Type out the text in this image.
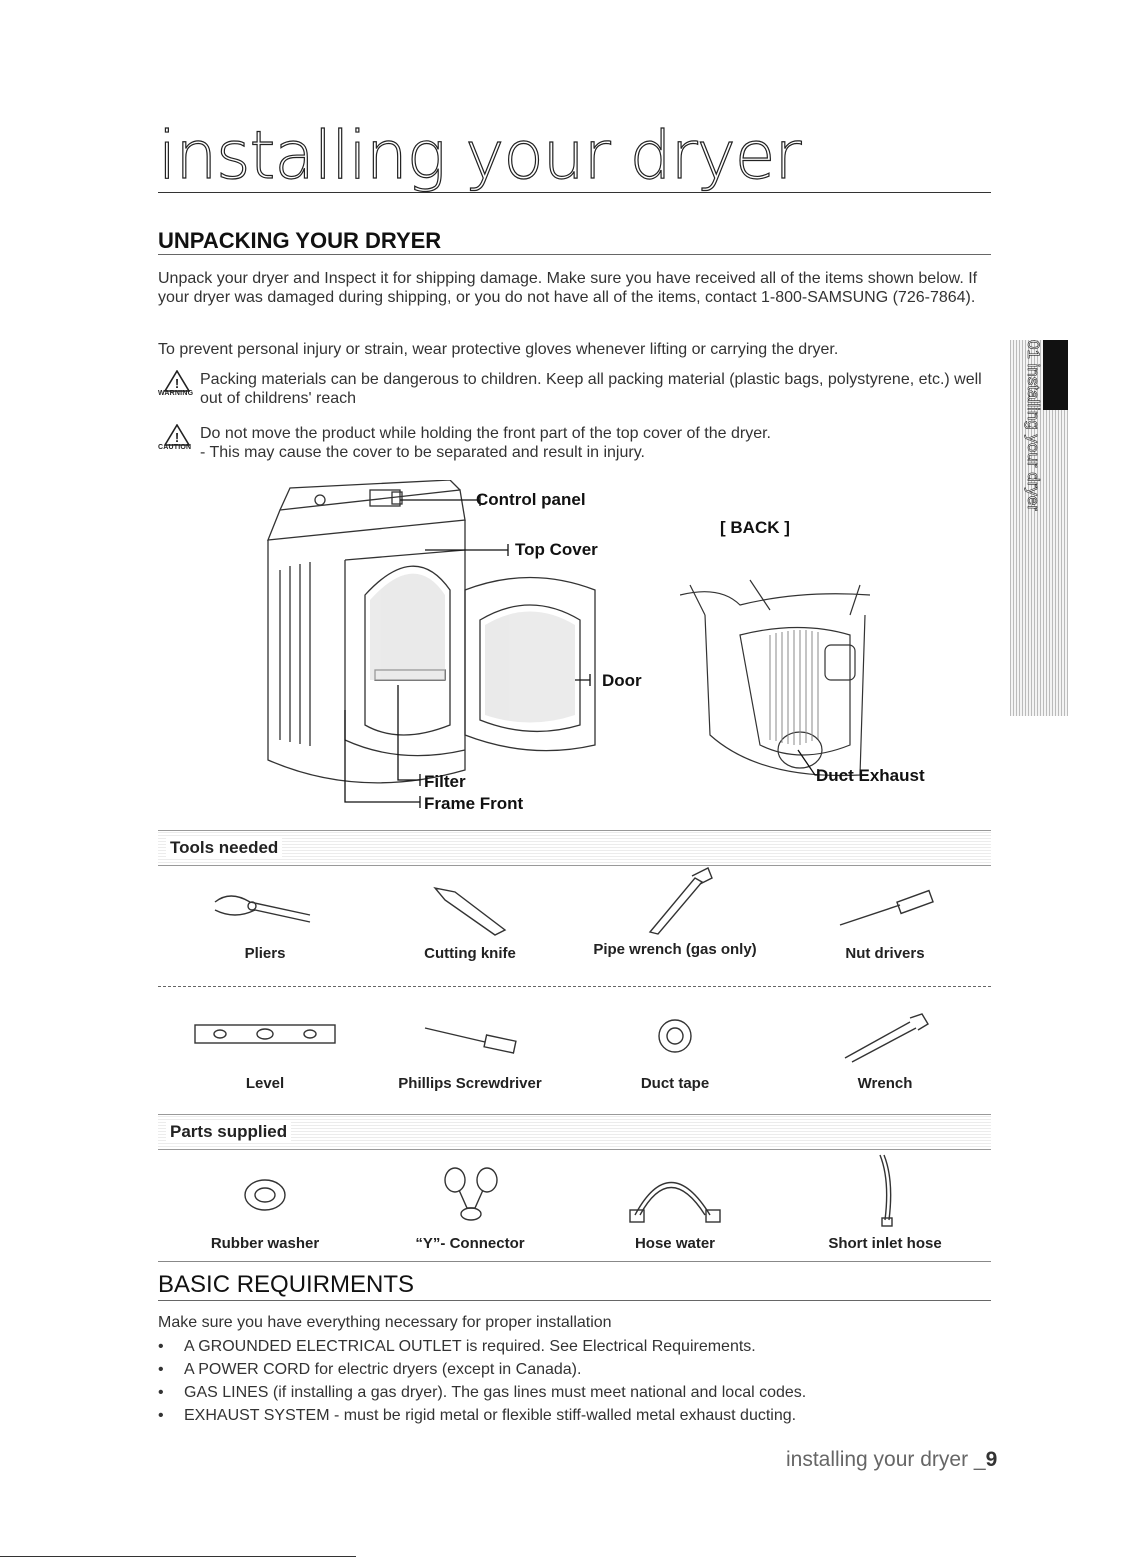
installing your dryer
UNPACKING YOUR DRYER
Unpack your dryer and Inspect it for shipping damage. Make sure you have received all of the items shown below. If your dryer was damaged during shipping, or you do not have all of the items, contact 1-800-SAMSUNG (726-7864).
To prevent personal injury or strain, wear protective gloves whenever lifting or carrying the dryer.
!
WARNING
Packing materials can be dangerous to children. Keep all packing material (plastic bags, polystyrene, etc.) well out of childrens' reach
!
CAUTION
Do not move the product while holding the front part of the top cover of the dryer.
- This may cause the cover to be separated and result in injury.
Control panel
Top Cover
Door
Filter
Frame Front
[ BACK ]
Duct Exhaust
Tools needed
Pliers	Cutting knife	Pipe wrench (gas only)	Nut drivers
Level	Phillips Screwdriver	Duct tape	Wrench
Parts supplied
Rubber washer	“Y”- Connector	Hose water	Short inlet hose
BASIC REQUIRMENTS
Make sure you have everything necessary for proper installation
• A GROUNDED ELECTRICAL OUTLET is required. See Electrical Requirements.
• A POWER CORD for electric dryers (except in Canada).
• GAS LINES (if installing a gas dryer). The gas lines must meet national and local codes.
• EXHAUST SYSTEM - must be rigid metal or flexible stiff-walled metal exhaust ducting.
installing your dryer _9
01 installing your dryer
